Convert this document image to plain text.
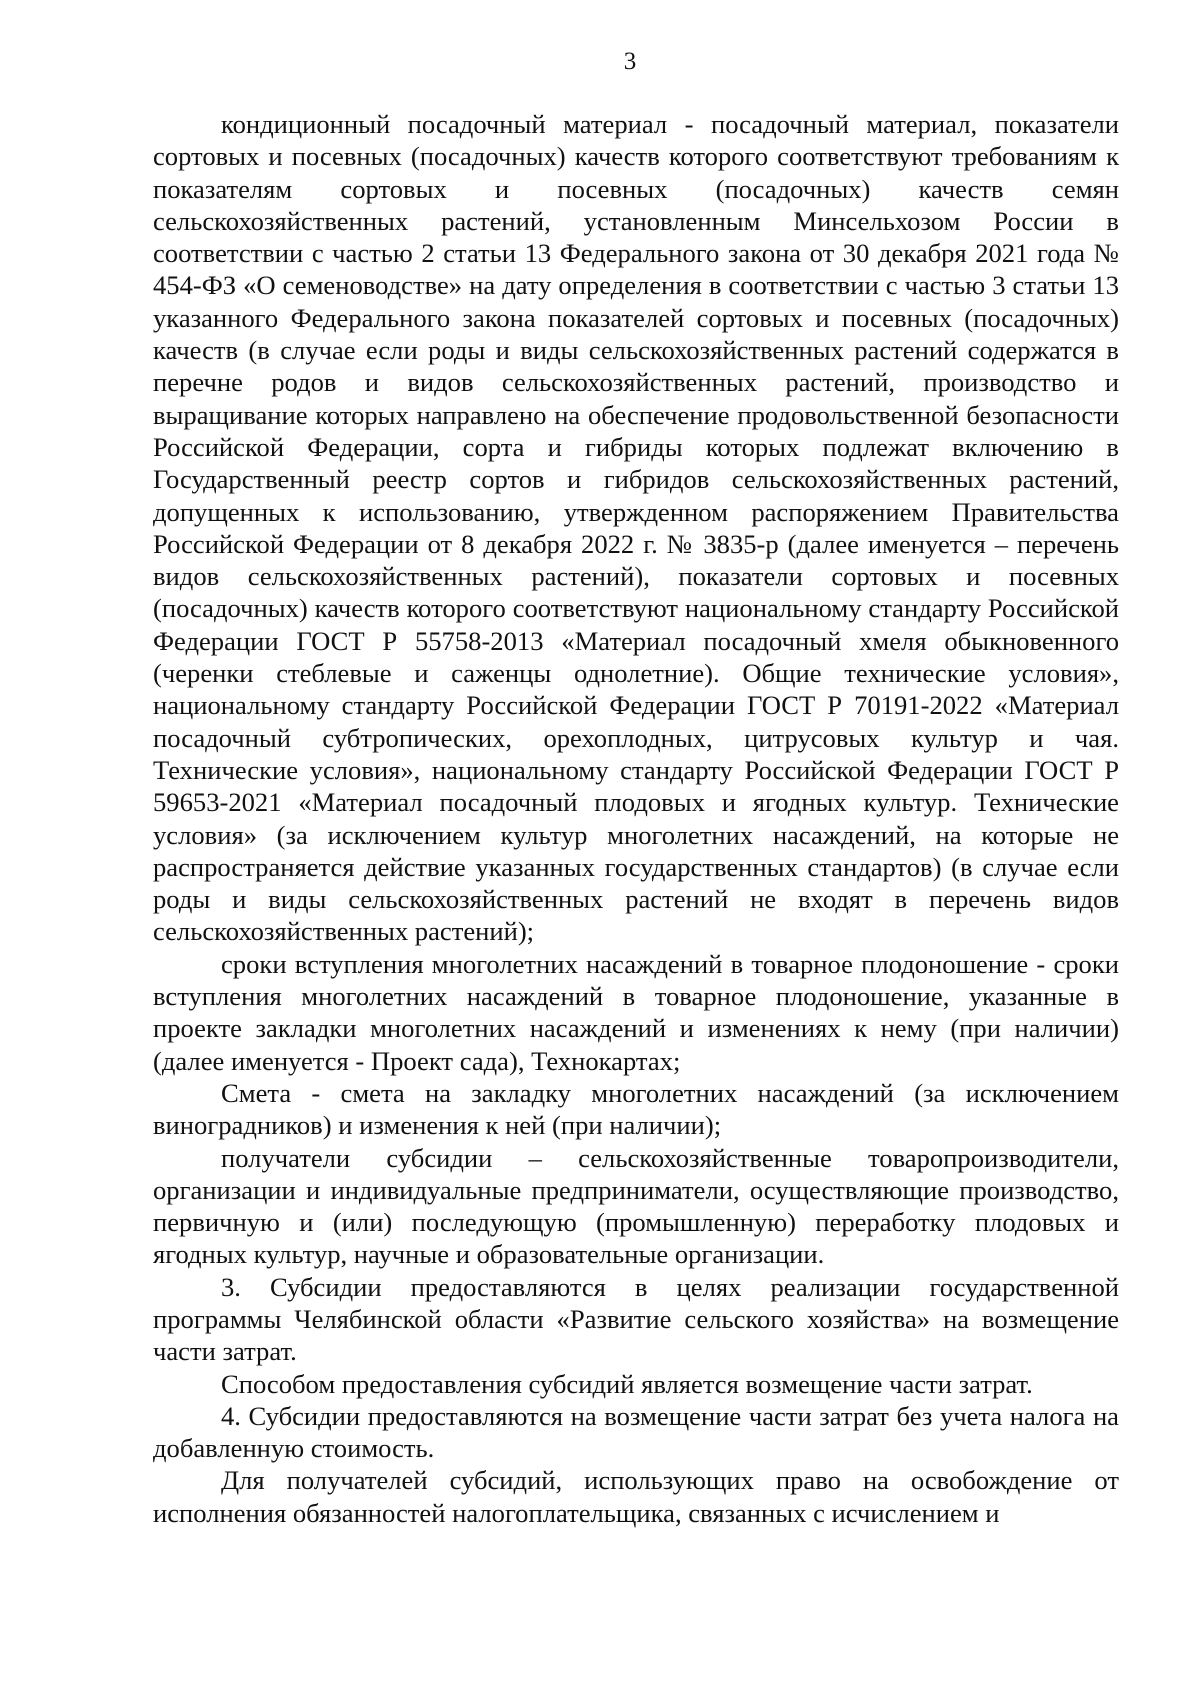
3

кондиционный посадочный материал - посадочный материал, показатели сортовых и посевных (посадочных) качеств которого соответствуют требованиям к показателям сортовых и посевных (посадочных) качеств семян сельскохозяйственных растений, установленным Минсельхозом России в соответствии с частью 2 статьи 13 Федерального закона от 30 декабря 2021 года № 454-ФЗ «О семеноводстве» на дату определения в соответствии с частью 3 статьи 13 указанного Федерального закона показателей сортовых и посевных (посадочных) качеств (в случае если роды и виды сельскохозяйственных растений содержатся в перечне родов и видов сельскохозяйственных растений, производство и выращивание которых направлено на обеспечение продовольственной безопасности Российской Федерации, сорта и гибриды которых подлежат включению в Государственный реестр сортов и гибридов сельскохозяйственных растений, допущенных к использованию, утвержденном распоряжением Правительства Российской Федерации от 8 декабря 2022 г. № 3835-р (далее именуется – перечень видов сельскохозяйственных растений), показатели сортовых и посевных (посадочных) качеств которого соответствуют национальному стандарту Российской Федерации ГОСТ Р 55758-2013 «Материал посадочный хмеля обыкновенного (черенки стеблевые и саженцы однолетние). Общие технические условия», национальному стандарту Российской Федерации ГОСТ Р 70191-2022 «Материал посадочный субтропических, орехоплодных, цитрусовых культур и чая. Технические условия», национальному стандарту Российской Федерации ГОСТ Р 59653-2021 «Материал посадочный плодовых и ягодных культур. Технические условия» (за исключением культур многолетних насаждений, на которые не распространяется действие указанных государственных стандартов) (в случае если роды и виды сельскохозяйственных растений не входят в перечень видов сельскохозяйственных растений);

сроки вступления многолетних насаждений в товарное плодоношение - сроки вступления многолетних насаждений в товарное плодоношение, указанные в проекте закладки многолетних насаждений и изменениях к нему (при наличии) (далее именуется - Проект сада), Технокартах;

Смета - смета на закладку многолетних насаждений (за исключением виноградников) и изменения к ней (при наличии);

получатели субсидии – сельскохозяйственные товаропроизводители, организации и индивидуальные предприниматели, осуществляющие производство, первичную и (или) последующую (промышленную) переработку плодовых и ягодных культур, научные и образовательные организации.

3. Субсидии предоставляются в целях реализации государственной программы Челябинской области «Развитие сельского хозяйства» на возмещение части затрат.

Способом предоставления субсидий является возмещение части затрат.

4. Субсидии предоставляются на возмещение части затрат без учета налога на добавленную стоимость.

Для получателей субсидий, использующих право на освобождение от исполнения обязанностей налогоплательщика, связанных с исчислением и
